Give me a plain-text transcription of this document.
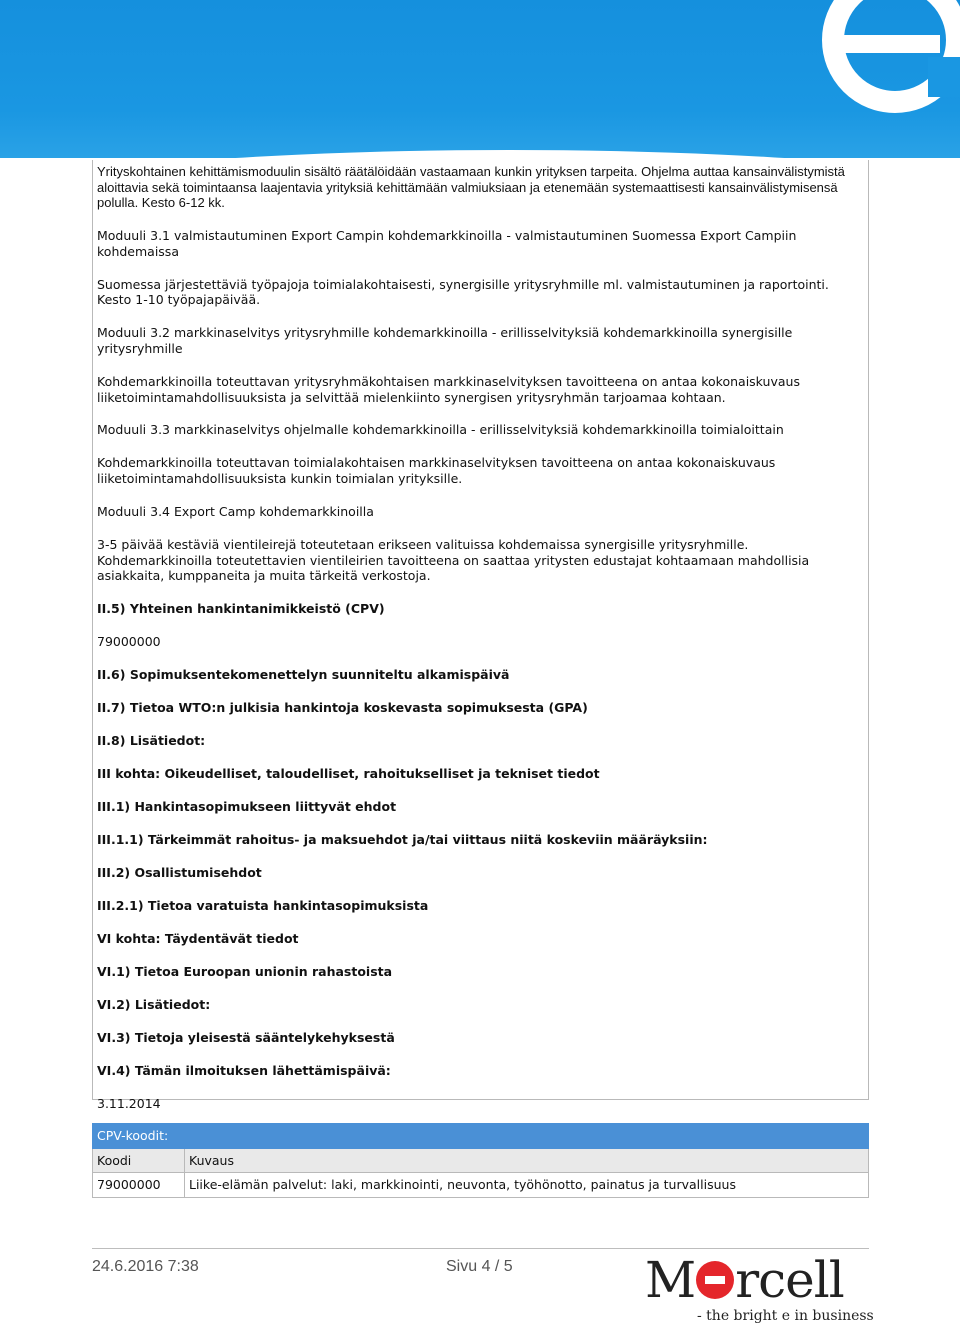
Yrityskohtainen kehittämismoduulin sisältö räätälöidään vastaamaan kunkin yrityksen tarpeita. Ohjelma auttaa kansainvälistymistä aloittavia sekä toimintaansa laajentavia yrityksiä kehittämään valmiuksiaan ja etenemään systemaattisesti kansainvälistymisensä polulla. Kesto 6-12 kk.

Moduuli 3.1 valmistautuminen Export Campin kohdemarkkinoilla - valmistautuminen Suomessa Export Campiin kohdemaissa

Suomessa järjestettäviä työpajoja toimialakohtaisesti, synergisille yritysryhmille ml. valmistautuminen ja raportointi. Kesto 1-10 työpajapäivää.

Moduuli 3.2 markkinaselvitys yritysryhmille kohdemarkkinoilla - erillisselvityksiä kohdemarkkinoilla synergisille yritysryhmille

Kohdemarkkinoilla toteuttavan yritysryhmäkohtaisen markkinaselvityksen tavoitteena on antaa kokonaiskuvaus liiketoimintamahdollisuuksista ja selvittää mielenkiinto synergisen yritysryhmän tarjoamaa kohtaan.

Moduuli 3.3 markkinaselvitys ohjelmalle kohdemarkkinoilla - erillisselvityksiä kohdemarkkinoilla toimialoittain

Kohdemarkkinoilla toteuttavan toimialakohtaisen markkinaselvityksen tavoitteena on antaa kokonaiskuvaus liiketoimintamahdollisuuksista kunkin toimialan yrityksille.

Moduuli 3.4 Export Camp kohdemarkkinoilla

3-5 päivää kestäviä vientileirejä toteutetaan erikseen valituissa kohdemaissa synergisille yritysryhmille. Kohdemarkkinoilla toteutettavien vientileirien tavoitteena on saattaa yritysten edustajat kohtaamaan mahdollisia asiakkaita, kumppaneita ja muita tärkeitä verkostoja.

II.5) Yhteinen hankintanimikkeistö (CPV)

79000000

II.6) Sopimuksentekomenettelyn suunniteltu alkamispäivä

II.7) Tietoa WTO:n julkisia hankintoja koskevasta sopimuksesta (GPA)

II.8) Lisätiedot:

III kohta: Oikeudelliset, taloudelliset, rahoitukselliset ja tekniset tiedot

III.1) Hankintasopimukseen liittyvät ehdot

III.1.1) Tärkeimmät rahoitus- ja maksuehdot ja/tai viittaus niitä koskeviin määräyksiin:

III.2) Osallistumisehdot

III.2.1) Tietoa varatuista hankintasopimuksista

VI kohta: Täydentävät tiedot

VI.1) Tietoa Euroopan unionin rahastoista

VI.2) Lisätiedot:

VI.3) Tietoja yleisestä sääntelykehyksestä

VI.4) Tämän ilmoituksen lähettämispäivä:

3.11.2014

CPV-koodit:	
Koodi	Kuvaus
79000000	Liike-elämän palvelut: laki, markkinointi, neuvonta, työhönotto, painatus ja turvallisuus
24.6.2016 7:38	Sivu 4 / 5	M rcell
- the bright e in business
